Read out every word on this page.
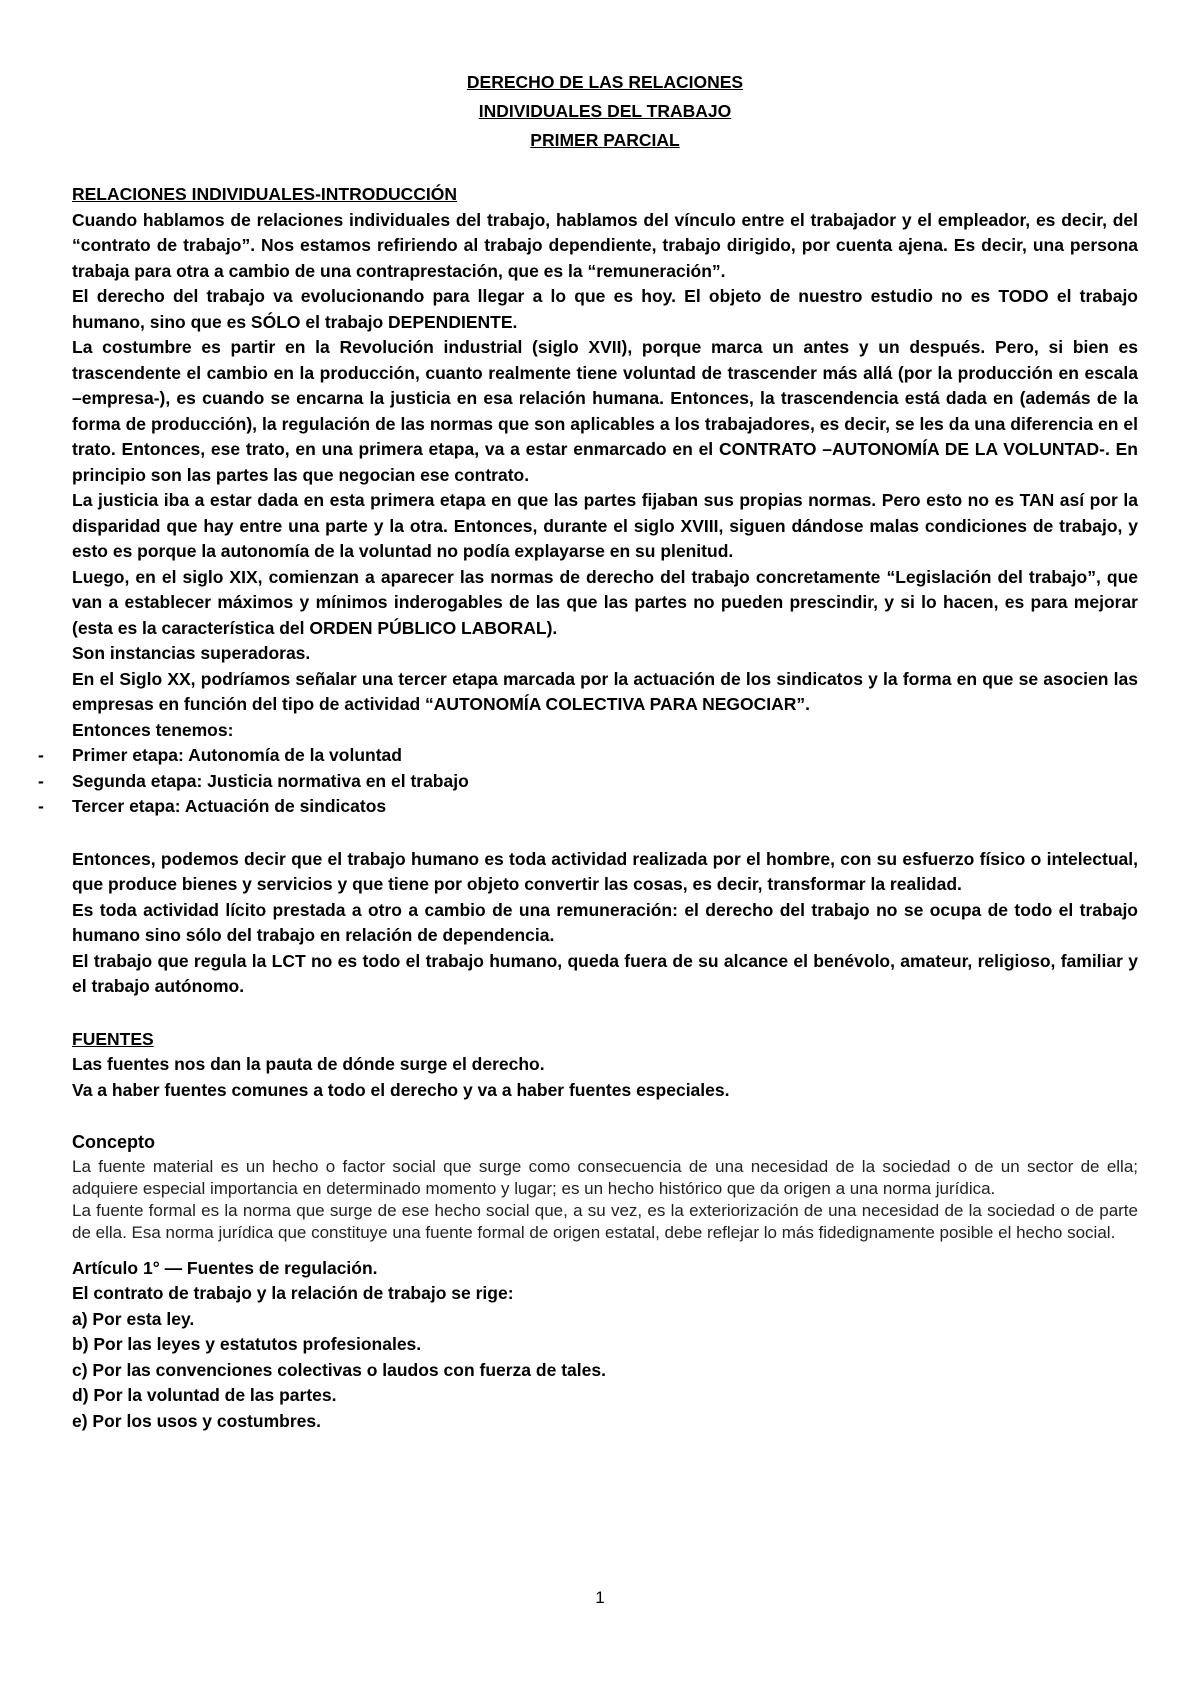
DERECHO DE LAS RELACIONES
INDIVIDUALES DEL TRABAJO
PRIMER PARCIAL
RELACIONES INDIVIDUALES-INTRODUCCIÓN

Cuando hablamos de relaciones individuales del trabajo, hablamos del vínculo entre el trabajador y el empleador, es decir, del “contrato de trabajo”. Nos estamos refiriendo al trabajo dependiente, trabajo dirigido, por cuenta ajena. Es decir, una persona trabaja para otra a cambio de una contraprestación, que es la “remuneración”.

El derecho del trabajo va evolucionando para llegar a lo que es hoy. El objeto de nuestro estudio no es TODO el trabajo humano, sino que es SÓLO el trabajo DEPENDIENTE.

La costumbre es partir en la Revolución industrial (siglo XVII), porque marca un antes y un después. Pero, si bien es trascendente el cambio en la producción, cuanto realmente tiene voluntad de trascender más allá (por la producción en escala –empresa-), es cuando se encarna la justicia en esa relación humana. Entonces, la trascendencia está dada en (además de la forma de producción), la regulación de las normas que son aplicables a los trabajadores, es decir, se les da una diferencia en el trato. Entonces, ese trato, en una primera etapa, va a estar enmarcado en el CONTRATO –AUTONOMÍA DE LA VOLUNTAD-. En principio son las partes las que negocian ese contrato.

La justicia iba a estar dada en esta primera etapa en que las partes fijaban sus propias normas. Pero esto no es TAN así por la disparidad que hay entre una parte y la otra. Entonces, durante el siglo XVIII, siguen dándose malas condiciones de trabajo, y esto es porque la autonomía de la voluntad no podía explayarse en su plenitud.

Luego, en el siglo XIX, comienzan a aparecer las normas de derecho del trabajo concretamente “Legislación del trabajo”, que van a establecer máximos y mínimos inderogables de las que las partes no pueden prescindir, y si lo hacen, es para mejorar (esta es la característica del ORDEN PÚBLICO LABORAL).

Son instancias superadoras.

En el Siglo XX, podríamos señalar una tercer etapa marcada por la actuación de los sindicatos y la forma en que se asocien las empresas en función del tipo de actividad “AUTONOMÍA COLECTIVA PARA NEGOCIAR”.

Entonces tenemos:

- Primer etapa: Autonomía de la voluntad
- Segunda etapa: Justicia normativa en el trabajo
- Tercer etapa: Actuación de sindicatos

Entonces, podemos decir que el trabajo humano es toda actividad realizada por el hombre, con su esfuerzo físico o intelectual, que produce bienes y servicios y que tiene por objeto convertir las cosas, es decir, transformar la realidad.

Es toda actividad lícito prestada a otro a cambio de una remuneración: el derecho del trabajo no se ocupa de todo el trabajo humano sino sólo del trabajo en relación de dependencia.

El trabajo que regula la LCT no es todo el trabajo humano, queda fuera de su alcance el benévolo, amateur, religioso, familiar y el trabajo autónomo.

FUENTES

Las fuentes nos dan la pauta de dónde surge el derecho.

Va a haber fuentes comunes a todo el derecho y va a haber fuentes especiales.

Concepto

La fuente material es un hecho o factor social que surge como consecuencia de una necesidad de la sociedad o de un sector de ella; adquiere especial importancia en determinado momento y lugar; es un hecho histórico que da origen a una norma jurídica.

La fuente formal es la norma que surge de ese hecho social que, a su vez, es la exteriorización de una necesidad de la sociedad o de parte de ella. Esa norma jurídica que constituye una fuente formal de origen estatal, debe reflejar lo más fidedignamente posible el hecho social.

Artículo 1° — Fuentes de regulación.

El contrato de trabajo y la relación de trabajo se rige:

a) Por esta ley.

b) Por las leyes y estatutos profesionales.

c) Por las convenciones colectivas o laudos con fuerza de tales.

d) Por la voluntad de las partes.

e) Por los usos y costumbres.

1
